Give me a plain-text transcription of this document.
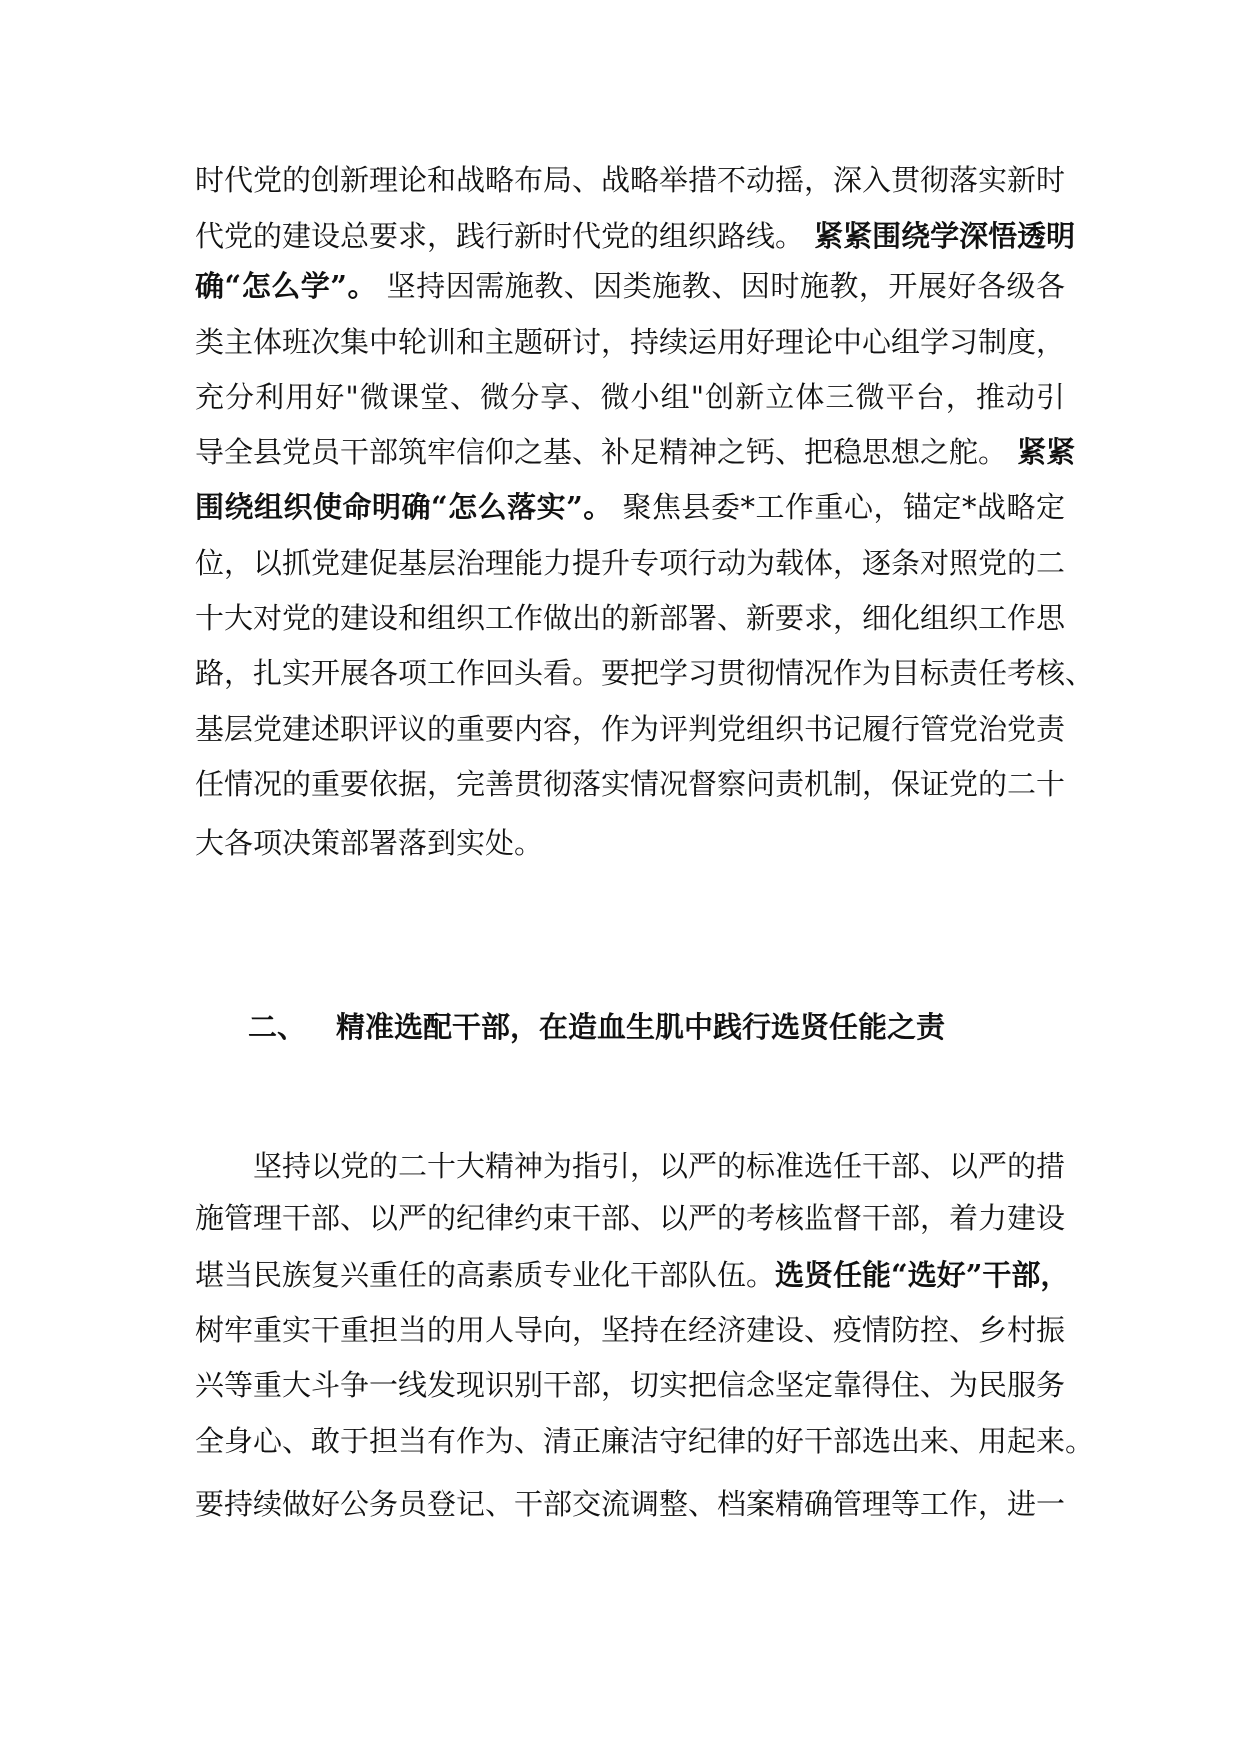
时代党的创新理论和战略布局、战略举措不动摇，深入贯彻落实新时
代党的建设总要求，践行新时代党的组织路线。 紧紧围绕学深悟透明
确“怎么学”。 坚持因需施教、因类施教、因时施教，开展好各级各
类主体班次集中轮训和主题研讨，持续运用好理论中心组学习制度，
充分利用好"微课堂、微分享、微小组"创新立体三微平台，推动引
导全县党员干部筑牢信仰之基、补足精神之钙、把稳思想之舵。 紧紧
围绕组织使命明确“怎么落实”。 聚焦县委*工作重心，锚定*战略定
位，以抓党建促基层治理能力提升专项行动为载体，逐条对照党的二
十大对党的建设和组织工作做出的新部署、新要求，细化组织工作思
路，扎实开展各项工作回头看。要把学习贯彻情况作为目标责任考核、
基层党建述职评议的重要内容，作为评判党组织书记履行管党治党责
任情况的重要依据，完善贯彻落实情况督察问责机制，保证党的二十
大各项决策部署落到实处。
二、 精准选配干部，在造血生肌中践行选贤任能之责
坚持以党的二十大精神为指引，以严的标准选任干部、以严的措
施管理干部、以严的纪律约束干部、以严的考核监督干部，着力建设
堪当民族复兴重任的高素质专业化干部队伍。选贤任能“选好”干部，
树牢重实干重担当的用人导向，坚持在经济建设、疫情防控、乡村振
兴等重大斗争一线发现识别干部，切实把信念坚定靠得住、为民服务
全身心、敢于担当有作为、清正廉洁守纪律的好干部选出来、用起来。
要持续做好公务员登记、干部交流调整、档案精确管理等工作，进一
